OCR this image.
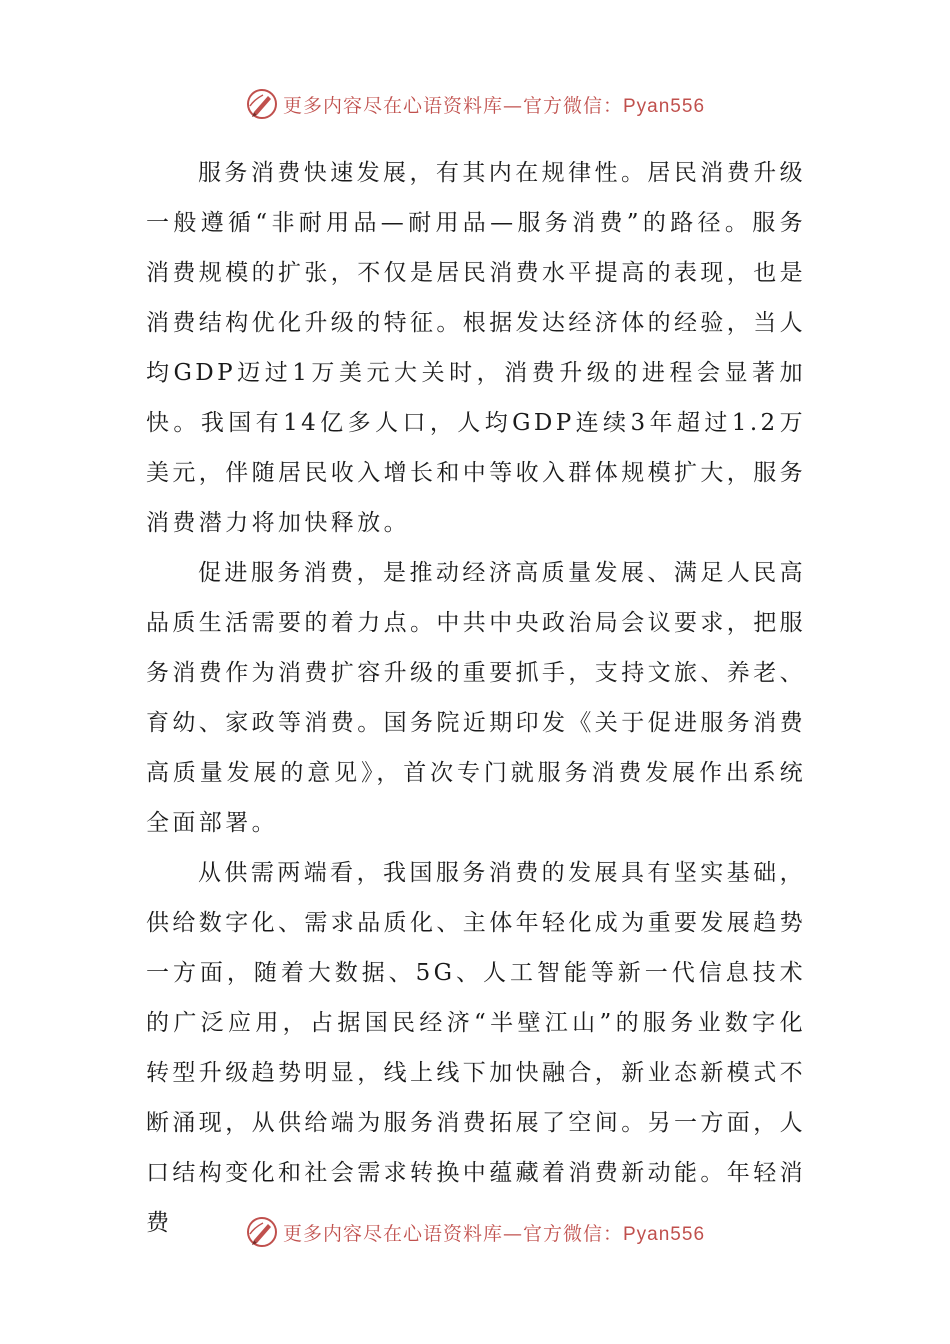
更多内容尽在心语资料库—官方微信：Pyan556

服务消费快速发展，有其内在规律性。居民消费升级一般遵循“非耐用品—耐用品—服务消费”的路径。服务消费规模的扩张，不仅是居民消费水平提高的表现，也是消费结构优化升级的特征。根据发达经济体的经验，当人均GDP迈过1万美元大关时，消费升级的进程会显著加快。我国有14亿多人口，人均GDP连续3年超过1.2万美元，伴随居民收入增长和中等收入群体规模扩大，服务消费潜力将加快释放。

促进服务消费，是推动经济高质量发展、满足人民高品质生活需要的着力点。中共中央政治局会议要求，把服务消费作为消费扩容升级的重要抓手，支持文旅、养老、育幼、家政等消费。国务院近期印发《关于促进服务消费高质量发展的意见》，首次专门就服务消费发展作出系统全面部署。

从供需两端看，我国服务消费的发展具有坚实基础，供给数字化、需求品质化、主体年轻化成为重要发展趋势一方面，随着大数据、5G、人工智能等新一代信息技术的广泛应用，占据国民经济“半壁江山”的服务业数字化转型升级趋势明显，线上线下加快融合，新业态新模式不断涌现，从供给端为服务消费拓展了空间。另一方面，人口结构变化和社会需求转换中蕴藏着消费新动能。年轻消费	更多内容尽在心语资料库—官方微信：Pyan556
